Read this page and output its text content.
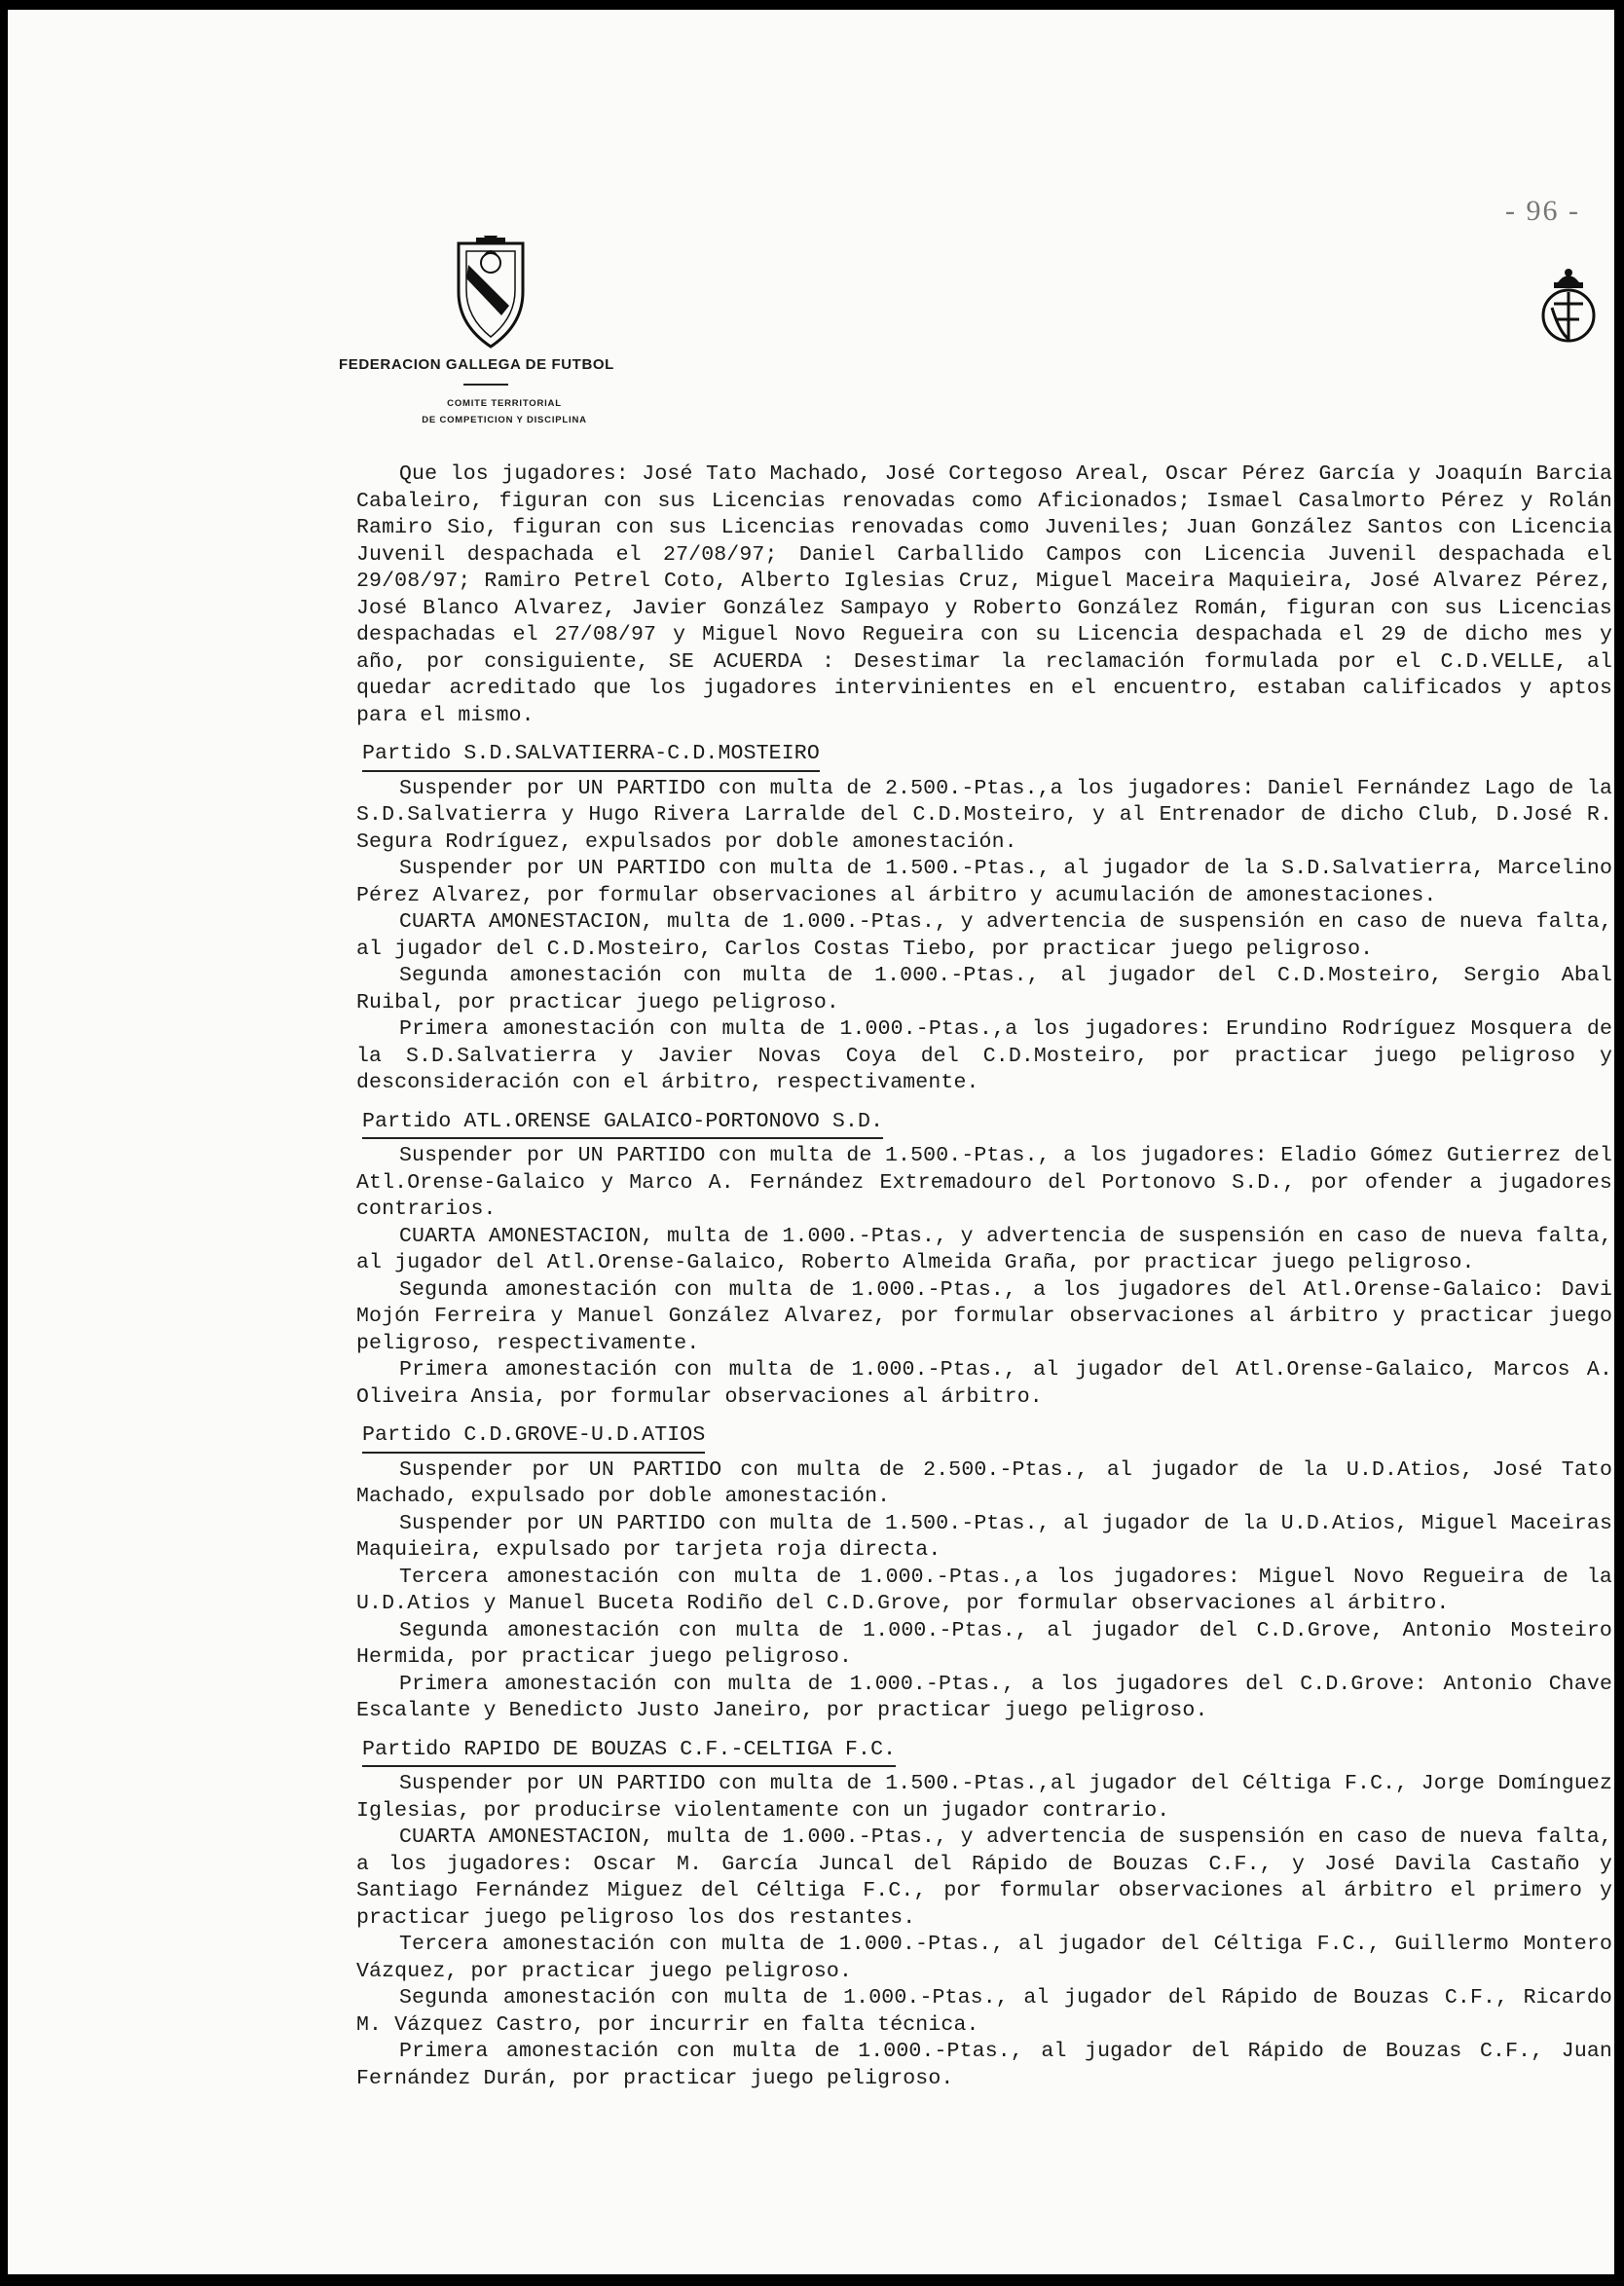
- 96 -
FEDERACION GALLEGA DE FUTBOL
COMITE TERRITORIAL
DE COMPETICION Y DISCIPLINA

Que los jugadores: José Tato Machado, José Cortegoso Areal, Oscar Pérez García y Joaquín Barcia Cabaleiro, figuran con sus Licencias renovadas como Aficionados; Ismael Casalmorto Pérez y Rolán Ramiro Sio, figuran con sus Licencias renovadas como Juveniles; Juan González Santos con Licencia Juvenil despachada el 27/08/97; Daniel Carballido Campos con Licencia Juvenil despachada el 29/08/97; Ramiro Petrel Coto, Alberto Iglesias Cruz, Miguel Maceira Maquieira, José Alvarez Pérez, José Blanco Alvarez, Javier González Sampayo y Roberto González Román, figuran con sus Licencias despachadas el 27/08/97 y Miguel Novo Regueira con su Licencia despachada el 29 de dicho mes y año, por consiguiente, SE ACUERDA : Desestimar la reclamación formulada por el C.D.VELLE, al quedar acreditado que los jugadores intervinientes en el encuentro, estaban calificados y aptos para el mismo.

Partido S.D.SALVATIERRA-C.D.MOSTEIRO

Suspender por UN PARTIDO con multa de 2.500.-Ptas.,a los jugadores: Daniel Fernández Lago de la S.D.Salvatierra y Hugo Rivera Larralde del C.D.Mosteiro, y al Entrenador de dicho Club, D.José R. Segura Rodríguez, expulsados por doble amonestación.

Suspender por UN PARTIDO con multa de 1.500.-Ptas., al jugador de la S.D.Salvatierra, Marcelino Pérez Alvarez, por formular observaciones al árbitro y acumulación de amonestaciones.

CUARTA AMONESTACION, multa de 1.000.-Ptas., y advertencia de suspensión en caso de nueva falta, al jugador del C.D.Mosteiro, Carlos Costas Tiebo, por practicar juego peligroso.

Segunda amonestación con multa de 1.000.-Ptas., al jugador del C.D.Mosteiro, Sergio Abal Ruibal, por practicar juego peligroso.

Primera amonestación con multa de 1.000.-Ptas.,a los jugadores: Erundino Rodríguez Mosquera de la S.D.Salvatierra y Javier Novas Coya del C.D.Mosteiro, por practicar juego peligroso y desconsideración con el árbitro, respectivamente.

Partido ATL.ORENSE GALAICO-PORTONOVO S.D.

Suspender por UN PARTIDO con multa de 1.500.-Ptas., a los jugadores: Eladio Gómez Gutierrez del Atl.Orense-Galaico y Marco A. Fernández Extremadouro del Portonovo S.D., por ofender a jugadores contrarios.

CUARTA AMONESTACION, multa de 1.000.-Ptas., y advertencia de suspensión en caso de nueva falta, al jugador del Atl.Orense-Galaico, Roberto Almeida Graña, por practicar juego peligroso.

Segunda amonestación con multa de 1.000.-Ptas., a los jugadores del Atl.Orense-Galaico: Davi Mojón Ferreira y Manuel González Alvarez, por formular observaciones al árbitro y practicar juego peligroso, respectivamente.

Primera amonestación con multa de 1.000.-Ptas., al jugador del Atl.Orense-Galaico, Marcos A. Oliveira Ansia, por formular observaciones al árbitro.

Partido C.D.GROVE-U.D.ATIOS

Suspender por UN PARTIDO con multa de 2.500.-Ptas., al jugador de la U.D.Atios, José Tato Machado, expulsado por doble amonestación.

Suspender por UN PARTIDO con multa de 1.500.-Ptas., al jugador de la U.D.Atios, Miguel Maceiras Maquieira, expulsado por tarjeta roja directa.

Tercera amonestación con multa de 1.000.-Ptas.,a los jugadores: Miguel Novo Regueira de la U.D.Atios y Manuel Buceta Rodiño del C.D.Grove, por formular observaciones al árbitro.

Segunda amonestación con multa de 1.000.-Ptas., al jugador del C.D.Grove, Antonio Mosteiro Hermida, por practicar juego peligroso.

Primera amonestación con multa de 1.000.-Ptas., a los jugadores del C.D.Grove: Antonio Chave Escalante y Benedicto Justo Janeiro, por practicar juego peligroso.

Partido RAPIDO DE BOUZAS C.F.-CELTIGA F.C.

Suspender por UN PARTIDO con multa de 1.500.-Ptas.,al jugador del Céltiga F.C., Jorge Domínguez Iglesias, por producirse violentamente con un jugador contrario.

CUARTA AMONESTACION, multa de 1.000.-Ptas., y advertencia de suspensión en caso de nueva falta, a los jugadores: Oscar M. García Juncal del Rápido de Bouzas C.F., y José Davila Castaño y Santiago Fernández Miguez del Céltiga F.C., por formular observaciones al árbitro el primero y practicar juego peligroso los dos restantes.

Tercera amonestación con multa de 1.000.-Ptas., al jugador del Céltiga F.C., Guillermo Montero Vázquez, por practicar juego peligroso.

Segunda amonestación con multa de 1.000.-Ptas., al jugador del Rápido de Bouzas C.F., Ricardo M. Vázquez Castro, por incurrir en falta técnica.

Primera amonestación con multa de 1.000.-Ptas., al jugador del Rápido de Bouzas C.F., Juan Fernández Durán, por practicar juego peligroso.
